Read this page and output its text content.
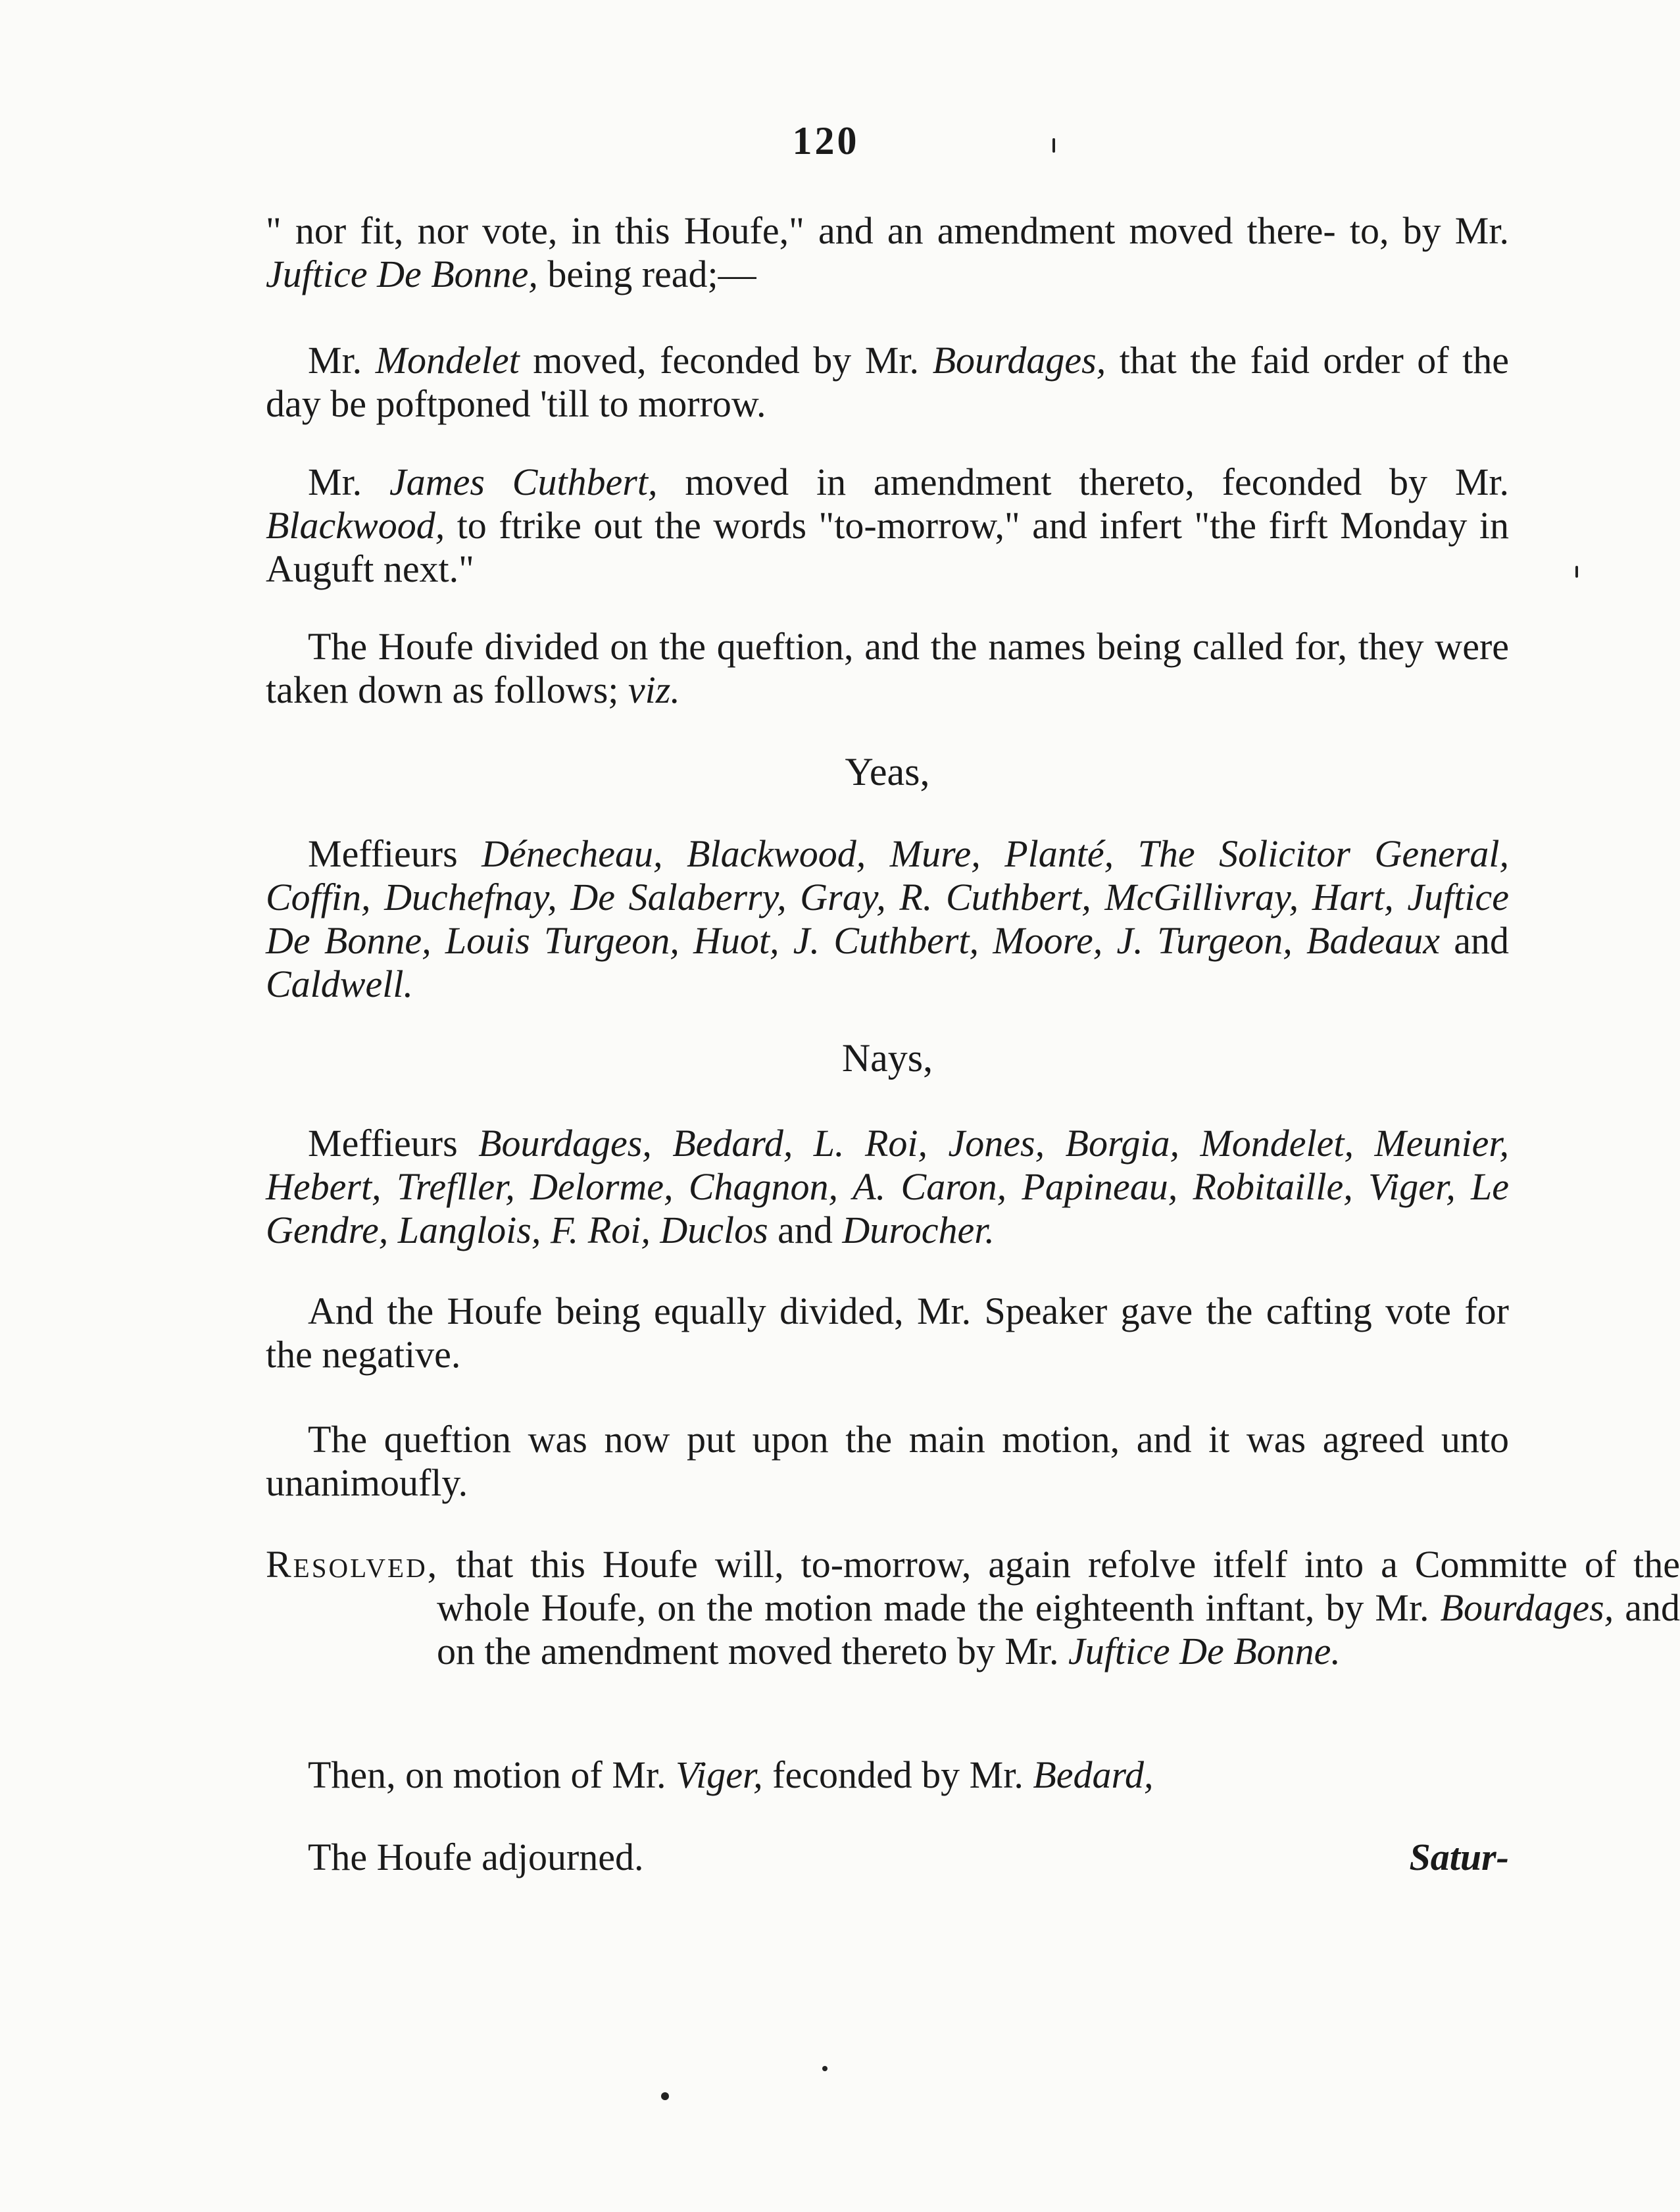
120
" nor fit, nor vote, in this Houfe," and an amendment moved there- to, by Mr. Juftice De Bonne, being read;—
Mr. Mondelet moved, feconded by Mr. Bourdages, that the faid order of the day be poftponed 'till to morrow.
Mr. James Cuthbert, moved in amendment thereto, feconded by Mr. Blackwood, to ftrike out the words "to-morrow," and infert "the firft Monday in Auguft next."
The Houfe divided on the queftion, and the names being called for, they were taken down as follows; viz.
Yeas,
Meffieurs Dénecheau, Blackwood, Mure, Planté, The Solicitor General, Coffin, Duchefnay, De Salaberry, Gray, R. Cuthbert, McGillivray, Hart, Juftice De Bonne, Louis Turgeon, Huot, J. Cuthbert, Moore, J. Turgeon, Badeaux and Caldwell.
Nays,
Meffieurs Bourdages, Bedard, L. Roi, Jones, Borgia, Mondelet, Meunier, Hebert, Trefller, Delorme, Chagnon, A. Caron, Papineau, Robitaille, Viger, Le Gendre, Langlois, F. Roi, Duclos and Durocher.
And the Houfe being equally divided, Mr. Speaker gave the cafting vote for the negative.
The queftion was now put upon the main motion, and it was agreed unto unanimoufly.
Resolved, that this Houfe will, to-morrow, again refolve itfelf into a Committe of the whole Houfe, on the motion made the eighteenth inftant, by Mr. Bourdages, and on the amendment moved thereto by Mr. Juftice De Bonne.
Then, on motion of Mr. Viger, feconded by Mr. Bedard,
The Houfe adjourned.	Satur-
